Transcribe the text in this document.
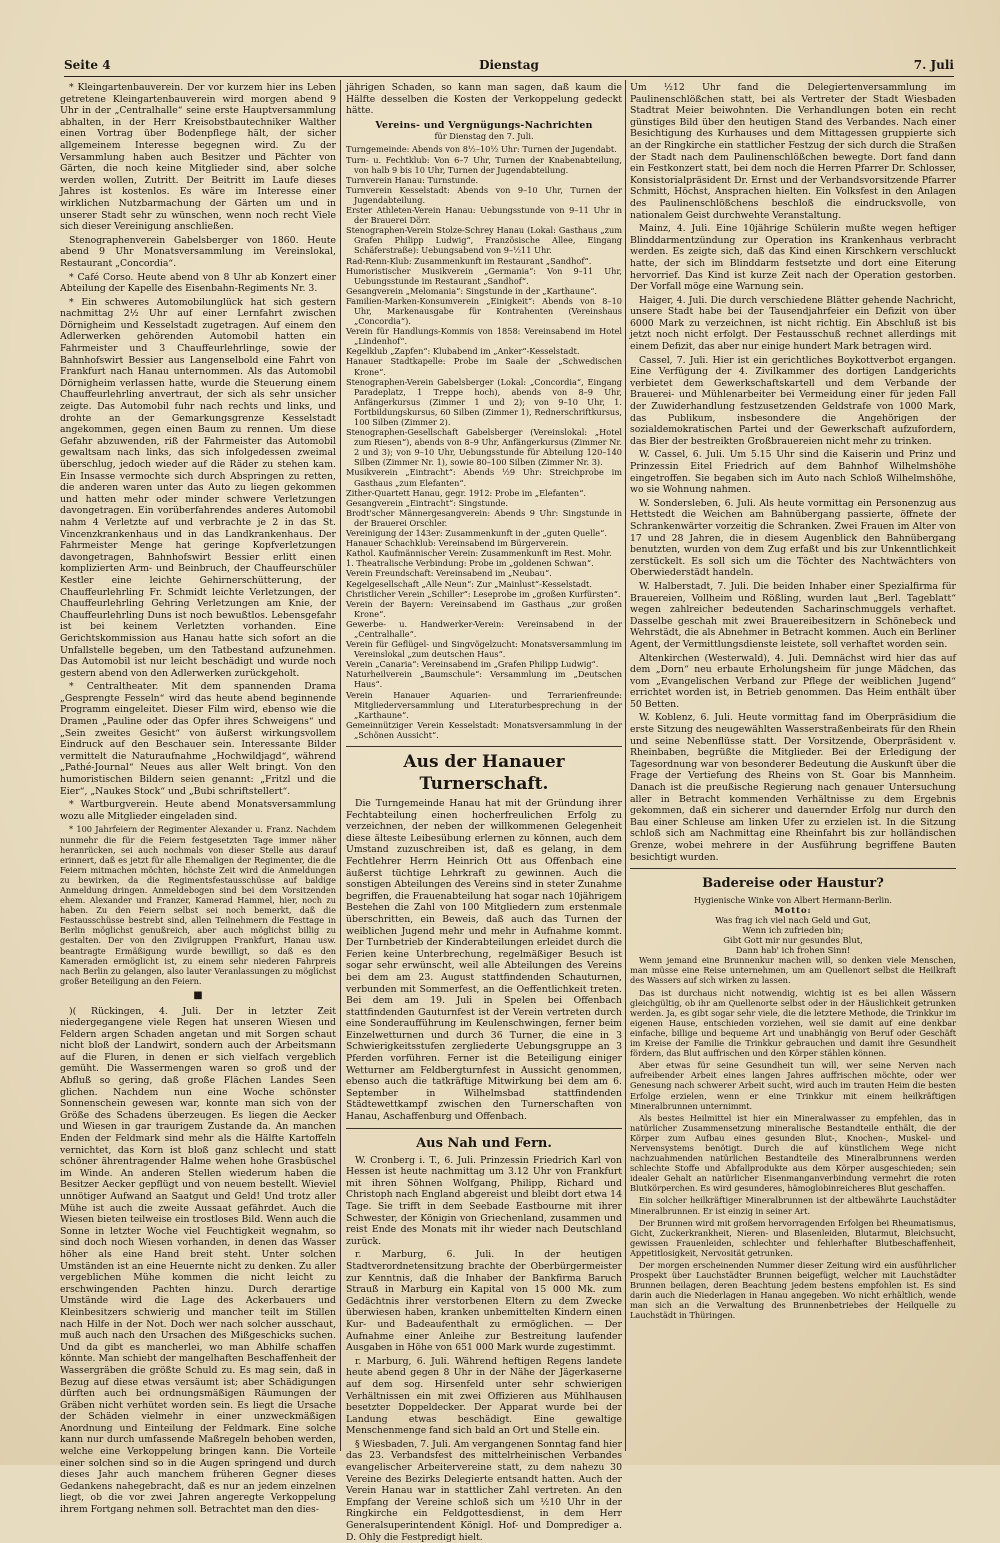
Seite 4	Dienstag	7. Juli

* Kleingartenbauverein. Der vor kurzem hier ins Leben getretene Kleingartenbauverein wird morgen abend 9 Uhr in der „Centralhalle“ seine erste Hauptversammlung abhalten, in der Herr Kreisobstbautechniker Walther einen Vortrag über Bodenpflege hält, der sicher allgemeinem Interesse begegnen wird. Zu der Versammlung haben auch Besitzer und Pächter von Gärten, die noch keine Mitglieder sind, aber solche werden wollen, Zutritt. Der Beitritt im Laufe dieses Jahres ist kostenlos. Es wäre im Interesse einer wirklichen Nutzbarmachung der Gärten um und in unserer Stadt sehr zu wünschen, wenn noch recht Viele sich dieser Vereinigung anschließen.

Stenographenverein Gabelsberger von 1860. Heute abend 9 Uhr Monatsversammlung im Vereinslokal, Restaurant „Concordia“.

* Café Corso. Heute abend von 8 Uhr ab Konzert einer Abteilung der Kapelle des Eisenbahn-Regiments Nr. 3.

* Ein schweres Automobilunglück hat sich gestern nachmittag 2½ Uhr auf einer Lernfahrt zwischen Dörnigheim und Kesselstadt zugetragen. Auf einem den Adlerwerken gehörenden Automobil hatten ein Fahrmeister und 3 Chauffeurlehrlinge, sowie der Bahnhofswirt Bessier aus Langenselbold eine Fahrt von Frankfurt nach Hanau unternommen. Als das Automobil Dörnigheim verlassen hatte, wurde die Steuerung einem Chauffeurlehrling anvertraut, der sich als sehr unsicher zeigte. Das Automobil fuhr nach rechts und links, und drohte an der Gemarkungsgrenze Kesselstadt angekommen, gegen einen Baum zu rennen. Um diese Gefahr abzuwenden, riß der Fahrmeister das Automobil gewaltsam nach links, das sich infolgedessen zweimal überschlug, jedoch wieder auf die Räder zu stehen kam. Ein Insasse vermochte sich durch Abspringen zu retten, die anderen waren unter das Auto zu liegen gekommen und hatten mehr oder minder schwere Verletzungen davongetragen. Ein vorüberfahrendes anderes Automobil nahm 4 Verletzte auf und verbrachte je 2 in das St. Vincenzkrankenhaus und in das Landkrankenhaus. Der Fahrmeister Menge hat geringe Kopfverletzungen davongetragen, Bahnhofswirt Bessier erlitt einen komplizierten Arm- und Beinbruch, der Chauffeurschüler Kestler eine leichte Gehirnerschütterung, der Chauffeurlehrling Fr. Schmidt leichte Verletzungen, der Chauffeurlehrling Gehring Verletzungen am Knie, der Chauffeurlehrling Duns ist noch bewußtlos. Lebensgefahr ist bei keinem Verletzten vorhanden. Eine Gerichtskommission aus Hanau hatte sich sofort an die Unfallstelle begeben, um den Tatbestand aufzunehmen. Das Automobil ist nur leicht beschädigt und wurde noch gestern abend von den Adlerwerken zurückgeholt.

* Centraltheater. Mit dem spannenden Drama „Gesprengte Fesseln“ wird das heute abend beginnende Programm eingeleitet. Dieser Film wird, ebenso wie die Dramen „Pauline oder das Opfer ihres Schweigens“ und „Sein zweites Gesicht“ von äußerst wirkungsvollem Eindruck auf den Beschauer sein. Interessante Bilder vermittelt die Naturaufnahme „Hochwildjagd“, während „Pathé-Journal“ Neues aus aller Welt bringt. Von den humoristischen Bildern seien genannt: „Fritzl und die Eier“, „Naukes Stock“ und „Bubi schriftstellert“.

* Wartburgverein. Heute abend Monatsversammlung wozu alle Mitglieder eingeladen sind.

* 100 Jahrfeiern der Regimenter Alexander u. Franz. Nachdem nunmehr die für die Feiern festgesetzten Tage immer näher heranrücken, sei auch nochmals von dieser Stelle aus darauf erinnert, daß es jetzt für alle Ehemaligen der Regimenter, die die Feiern mitmachen möchten, höchste Zeit wird die Anmeldungen zu bewirken, da die Regimentsfestausschüsse auf baldige Anmeldung dringen. Anmeldebogen sind bei dem Vorsitzenden ehem. Alexander und Franzer, Kamerad Hammel, hier, noch zu haben. Zu den Feiern selbst sei noch bemerkt, daß die Festausschüsse bestrebt sind, allen Teilnehmern die Festtage in Berlin möglichst genußreich, aber auch möglichst billig zu gestalten. Der von den Zivilgruppen Frankfurt, Hanau usw. beantragte Ermäßigung wurde bewilligt, so daß es den Kameraden ermöglicht ist, zu einem sehr niederen Fahrpreis nach Berlin zu gelangen, also lauter Veranlassungen zu möglichst großer Beteiligung an den Feiern.

■

)( Rückingen, 4. Juli. Der in letzter Zeit niedergegangene viele Regen hat unseren Wiesen und Feldern argen Schaden angetan und mit Sorgen schaut nicht bloß der Landwirt, sondern auch der Arbeitsmann auf die Fluren, in denen er sich vielfach vergeblich gemüht. Die Wassermengen waren so groß und der Abfluß so gering, daß große Flächen Landes Seen glichen. Nachdem nun eine Woche schönster Sonnenschein gewesen war, konnte man sich von der Größe des Schadens überzeugen. Es liegen die Aecker und Wiesen in gar traurigem Zustande da. An manchen Enden der Feldmark sind mehr als die Hälfte Kartoffeln vernichtet, das Korn ist bloß ganz schlecht und statt schöner ährentragender Halme wehen hohe Grasbüschel im Winde. An anderen Stellen wiederum haben die Besitzer Aecker gepflügt und von neuem bestellt. Wieviel unnötiger Aufwand an Saatgut und Geld! Und trotz aller Mühe ist auch die zweite Aussaat gefährdet. Auch die Wiesen bieten teilweise ein trostloses Bild. Wenn auch die Sonne in letzter Woche viel Feuchtigkeit wegnahm, so sind doch noch Wiesen vorhanden, in denen das Wasser höher als eine Hand breit steht. Unter solchen Umständen ist an eine Heuernte nicht zu denken. Zu aller vergeblichen Mühe kommen die nicht leicht zu erschwingenden Pachten hinzu. Durch derartige Umstände wird die Lage des Ackerbauers und Kleinbesitzers schwierig und mancher teilt im Stillen nach Hilfe in der Not. Doch wer nach solcher ausschaut, muß auch nach den Ursachen des Mißgeschicks suchen. Und da gibt es mancherlei, wo man Abhilfe schaffen könnte. Man schiebt der mangelhaften Beschaffenheit der Wassergräben die größte Schuld zu. Es mag sein, daß in Bezug auf diese etwas versäumt ist; aber Schädigungen dürften auch bei ordnungsmäßigen Räumungen der Gräben nicht verhütet worden sein. Es liegt die Ursache der Schäden vielmehr in einer unzweckmäßigen Anordnung und Einteilung der Feldmark. Eine solche kann nur durch umfassende Maßregeln behoben werden, welche eine Verkoppelung bringen kann. Die Vorteile einer solchen sind so in die Augen springend und durch dieses Jahr auch manchem früheren Gegner dieses Gedankens nahegebracht, daß es nur an jedem einzelnen liegt, ob die vor zwei Jahren angeregte Verkoppelung ihrem Fortgang nehmen soll. Betrachtet man den dies-

jährigen Schaden, so kann man sagen, daß kaum die Hälfte desselben die Kosten der Verkoppelung gedeckt hätte.

Vereins- und Vergnügungs-Nachrichten
für Dienstag den 7. Juli.

Turngemeinde: Abends von 8½–10½ Uhr: Turnen der Jugendabt.

Turn- u. Fechtklub: Von 6–7 Uhr, Turnen der Knabenabteilung, von halb 9 bis 10 Uhr, Turnen der Jugendabteilung.

Turnverein Hanau: Turnstunde.

Turnverein Kesselstadt: Abends von 9–10 Uhr, Turnen der Jugendabteilung.

Erster Athleten-Verein Hanau: Uebungsstunde von 9–11 Uhr in der Brauerei Dörr.

Stenographen-Verein Stolze-Schrey Hanau (Lokal: Gasthaus „zum Grafen Philipp Ludwig“, Französische Allee, Eingang Schäferstraße): Uebungsabend von 9–½11 Uhr.

Rad-Renn-Klub: Zusammenkunft im Restaurant „Sandhof“.

Humoristischer Musikverein „Germania“: Von 9–11 Uhr, Uebungsstunde im Restaurant „Sandhof“.

Gesangverein „Melomania“: Singstunde in der „Karthaune“.

Familien-Marken-Konsumverein „Einigkeit“: Abends von 8–10 Uhr, Markenausgabe für Kontrahenten (Vereinshaus „Concordia“).

Verein für Handlungs-Kommis von 1858: Vereinsabend im Hotel „Lindenhof“.

Kegelklub „Zapfen“: Klubabend im „Anker“-Kesselstadt.

Hanauer Stadtkapelle: Probe im Saale der „Schwedischen Krone“.

Stenographen-Verein Gabelsberger (Lokal: „Concordia“, Eingang Paradeplatz, 1 Treppe hoch), abends von 8–9 Uhr, Anfängerkursus (Zimmer 1 und 2); von 9–10 Uhr, 1. Fortbildungskursus, 60 Silben (Zimmer 1), Rednerschriftkursus, 100 Silben (Zimmer 2).

Stenographen-Gesellschaft Gabelsberger (Vereinslokal: „Hotel zum Riesen“), abends von 8–9 Uhr, Anfängerkursus (Zimmer Nr. 2 und 3); von 9–10 Uhr, Uebungsstunde für Abteilung 120–140 Silben (Zimmer Nr. 1), sowie 80–100 Silben (Zimmer Nr. 3).

Musikverein „Eintracht“: Abends ½9 Uhr: Streichprobe im Gasthaus „zum Elefanten“.

Zither-Quartett Hanau, gegr. 1912: Probe im „Elefanten“.

Gesangverein „Eintracht“: Singstunde.

Brodt'scher Männergesangverein: Abends 9 Uhr: Singstunde in der Brauerei Orschler.

Vereinigung der 143er: Zusammenkunft in der „guten Quelle“.

Hanauer Schachklub: Vereinsabend im Bürgerverein.

Kathol. Kaufmännischer Verein: Zusammenkunft im Rest. Mohr.

1. Theatralische Verbindung: Probe im „goldenen Schwan“.

Verein Freundschaft: Vereinsabend im „Neubau“.

Kegelgesellschaft „Alle Neun“: Zur „Mainlust“-Kesselstadt.

Christlicher Verein „Schiller“: Leseprobe im „großen Kurfürsten“.

Verein der Bayern: Vereinsabend im Gasthaus „zur großen Krone“.

Gewerbe- u. Handwerker-Verein: Vereinsabend in der „Centralhalle“.

Verein für Geflügel- und Singvögelzucht: Monatsversammlung im Vereinslokal „zum deutschen Haus“.

Verein „Canaria“: Vereinsabend im „Grafen Philipp Ludwig“.

Naturheilverein „Baumschule“: Versammlung im „Deutschen Haus“.

Verein Hanauer Aquarien- und Terrarienfreunde: Mitgliederversammlung und Literaturbesprechung in der „Karthaune“.

Gemeinnütziger Verein Kesselstadt: Monatsversammlung in der „Schönen Aussicht“.

Aus der Hanauer Turnerschaft.

Die Turngemeinde Hanau hat mit der Gründung ihrer Fechtabteilung einen hocherfreulichen Erfolg zu verzeichnen, der neben der willkommenen Gelegenheit diese älteste Leibesübung erlernen zu können, auch dem Umstand zuzuschreiben ist, daß es gelang, in dem Fechtlehrer Herrn Heinrich Ott aus Offenbach eine äußerst tüchtige Lehrkraft zu gewinnen. Auch die sonstigen Abteilungen des Vereins sind in steter Zunahme begriffen, die Frauenabteilung hat sogar nach 10jährigem Bestehen die Zahl von 100 Mitgliedern zum erstenmale überschritten, ein Beweis, daß auch das Turnen der weiblichen Jugend mehr und mehr in Aufnahme kommt. Der Turnbetrieb der Kinderabteilungen erleidet durch die Ferien keine Unterbrechung, regelmäßiger Besuch ist sogar sehr erwünscht, weil alle Abteilungen des Vereins bei dem am 23. August stattfindenden Schauturnen, verbunden mit Sommerfest, an die Oeffentlichkeit treten. Bei dem am 19. Juli in Spelen bei Offenbach stattfindenden Gauturnfest ist der Verein vertreten durch eine Sonderaufführung im Keulenschwingen, ferner beim Einzelwetturnen und durch 36 Turner, die eine in 3 Schwierigkeitsstufen zergliederte Uebungsgruppe an 3 Pferden vorführen. Ferner ist die Beteiligung einiger Wetturner am Feldbergturnfest in Aussicht genommen, ebenso auch die tatkräftige Mitwirkung bei dem am 6. September in Wilhelmsbad stattfindenden Städtewettkampf zwischen den Turnerschaften von Hanau, Aschaffenburg und Offenbach.

Aus Nah und Fern.

W. Cronberg i. T., 6. Juli. Prinzessin Friedrich Karl von Hessen ist heute nachmittag um 3.12 Uhr von Frankfurt mit ihren Söhnen Wolfgang, Philipp, Richard und Christoph nach England abgereist und bleibt dort etwa 14 Tage. Sie trifft in dem Seebade Eastbourne mit ihrer Schwester, der Königin von Griechenland, zusammen und reist Ende des Monats mit ihr wieder nach Deutschland zurück.

r. Marburg, 6. Juli. In der heutigen Stadtverordnetensitzung brachte der Oberbürgermeister zur Kenntnis, daß die Inhaber der Bankfirma Baruch Strauß in Marburg ein Kapital von 15 000 Mk. zum Gedächtnis ihrer verstorbenen Eltern zu dem Zwecke überwiesen haben, kranken unbemittelten Kindern einen Kur- und Badeaufenthalt zu ermöglichen. — Der Aufnahme einer Anleihe zur Bestreitung laufender Ausgaben in Höhe von 651 000 Mark wurde zugestimmt.

r. Marburg, 6. Juli. Während heftigen Regens landete heute abend gegen 8 Uhr in der Nähe der Jägerkaserne auf dem sog. Hirsenfeld unter sehr schwierigen Verhältnissen ein mit zwei Offizieren aus Mühlhausen besetzter Doppeldecker. Der Apparat wurde bei der Landung etwas beschädigt. Eine gewaltige Menschenmenge fand sich bald an Ort und Stelle ein.

§ Wiesbaden, 7. Juli. Am vergangenen Sonntag fand hier das 23. Verbandsfest des mittelrheinischen Verbandes evangelischer Arbeitervereine statt, zu dem nahezu 30 Vereine des Bezirks Delegierte entsandt hatten. Auch der Verein Hanau war in stattlicher Zahl vertreten. An den Empfang der Vereine schloß sich um ½10 Uhr in der Ringkirche ein Feldgottesdienst, in dem Herr Generalsuperintendent Königl. Hof- und Domprediger a. D. Ohly die Festpredigt hielt.

Um ½12 Uhr fand die Delegiertenversammlung im Paulinenschlößchen statt, bei als Vertreter der Stadt Wiesbaden Stadtrat Meier beiwohnten. Die Verhandlungen boten ein recht günstiges Bild über den heutigen Stand des Verbandes. Nach einer Besichtigung des Kurhauses und dem Mittagessen gruppierte sich an der Ringkirche ein stattlicher Festzug der sich durch die Straßen der Stadt nach dem Paulinenschlößchen bewegte. Dort fand dann ein Festkonzert statt, bei dem noch die Herren Pfarrer Dr. Schlosser, Konsistorialpräsident Dr. Ernst und der Verbandsvorsitzende Pfarrer Schmitt, Höchst, Ansprachen hielten. Ein Volksfest in den Anlagen des Paulinenschlößchens beschloß die eindrucksvolle, von nationalem Geist durchwehte Veranstaltung.

Mainz, 4. Juli. Eine 10jährige Schülerin mußte wegen heftiger Blinddarmentzündung zur Operation ins Krankenhaus verbracht werden. Es zeigte sich, daß das Kind einen Kirschkern verschluckt hatte, der sich im Blinddarm festsetzte und dort eine Eiterung hervorrief. Das Kind ist kurze Zeit nach der Operation gestorben. Der Vorfall möge eine Warnung sein.

Haiger, 4. Juli. Die durch verschiedene Blätter gehende Nachricht, unsere Stadt habe bei der Tausendjahrfeier ein Defizit von über 6000 Mark zu verzeichnen, ist nicht richtig. Ein Abschluß ist bis jetzt noch nicht erfolgt. Der Festausschuß rechnet allerdings mit einem Defizit, das aber nur einige hundert Mark betragen wird.

Cassel, 7. Juli. Hier ist ein gerichtliches Boykottverbot ergangen. Eine Verfügung der 4. Zivilkammer des dortigen Landgerichts verbietet dem Gewerkschaftskartell und dem Verbande der Brauerei- und Mühlenarbeiter bei Vermeidung einer für jeden Fall der Zuwiderhandlung festzusetzenden Geldstrafe von 1000 Mark, das Publikum, insbesondere die Angehörigen der sozialdemokratischen Partei und der Gewerkschaft aufzufordern, das Bier der bestreikten Großbrauereien nicht mehr zu trinken.

W. Cassel, 6. Juli. Um 5.15 Uhr sind die Kaiserin und Prinz und Prinzessin Eitel Friedrich auf dem Bahnhof Wilhelmshöhe eingetroffen. Sie begaben sich im Auto nach Schloß Wilhelmshöhe, wo sie Wohnung nahmen.

W. Sondersleben, 6. Juli. Als heute vormittag ein Personenzug aus Hettstedt die Weichen am Bahnübergang passierte, öffnete der Schrankenwärter vorzeitig die Schranken. Zwei Frauen im Alter von 17 und 28 Jahren, die in diesem Augenblick den Bahnübergang benutzten, wurden von dem Zug erfaßt und bis zur Unkenntlichkeit zerstückelt. Es soll sich um die Töchter des Nachtwächters von Oberwiederstädt handeln.

W. Halberstadt, 7. Juli. Die beiden Inhaber einer Spezialfirma für Brauereien, Vollheim und Rößling, wurden laut „Berl. Tageblatt“ wegen zahlreicher bedeutenden Sacharinschmuggels verhaftet. Dasselbe geschah mit zwei Brauereibesitzern in Schönebeck und Wehrstädt, die als Abnehmer in Betracht kommen. Auch ein Berliner Agent, der Vermittlungsdienste leistete, soll verhaftet worden sein.

Altenkirchen (Westerwald), 4. Juli. Demnächst wird hier das auf dem „Dorn“ neu erbaute Erholungsheim für junge Mädchen, das vom „Evangelischen Verband zur Pflege der weiblichen Jugend“ errichtet worden ist, in Betrieb genommen. Das Heim enthält über 50 Betten.

W. Koblenz, 6. Juli. Heute vormittag fand im Oberpräsidium die erste Sitzung des neugewählten Wasserstraßenbeirats für den Rhein und seine Nebenflüsse statt. Der Vorsitzende, Oberpräsident v. Rheinbaben, begrüßte die Mitglieder. Bei der Erledigung der Tagesordnung war von besonderer Bedeutung die Auskunft über die Frage der Vertiefung des Rheins von St. Goar bis Mannheim. Danach ist die preußische Regierung nach genauer Untersuchung aller in Betracht kommenden Verhältnisse zu dem Ergebnis gekommen, daß ein sicherer und dauernder Erfolg nur durch den Bau einer Schleuse am linken Ufer zu erzielen ist. In die Sitzung schloß sich am Nachmittag eine Rheinfahrt bis zur holländischen Grenze, wobei mehrere in der Ausführung begriffene Bauten besichtigt wurden.

Badereise oder Haustur?
Hygienische Winke von Albert Hermann-Berlin.
Motto:
Was frag ich viel nach Geld und Gut,
Wenn ich zufrieden bin;
Gibt Gott mir nur gesundes Blut,
Dann hab' ich frohen Sinn!

Wenn jemand eine Brunnenkur machen will, so denken viele Menschen, man müsse eine Reise unternehmen, um am Quellenort selbst die Heilkraft des Wassers auf sich wirken zu lassen.

Das ist durchaus nicht notwendig, wichtig ist es bei allen Wässern gleichgültig, ob ihr am Quellenorte selbst oder in der Häuslichkeit getrunken werden. Ja, es gibt sogar sehr viele, die die letztere Methode, die Trinkkur im eigenen Hause, entschieden vorziehen, weil sie damit auf eine denkbar einfache, billige und bequeme Art und unabhängig von Beruf oder Geschäft im Kreise der Familie die Trinkkur gebrauchen und damit ihre Gesundheit fördern, das Blut auffrischen und den Körper stählen können.

Aber etwas für seine Gesundheit tun will, wer seine Nerven nach aufreibender Arbeit eines langen Jahres auffrischen möchte, oder wer Genesung nach schwerer Arbeit sucht, wird auch im trauten Heim die besten Erfolge erzielen, wenn er eine Trinkkur mit einem heilkräftigen Mineralbrunnen unternimmt.

Als bestes Heilmittel ist hier ein Mineralwasser zu empfehlen, das in natürlicher Zusammensetzung mineralische Bestandteile enthält, die der Körper zum Aufbau eines gesunden Blut-, Knochen-, Muskel- und Nervensystems benötigt. Durch die auf künstlichem Wege nicht nachzuahmenden natürlichen Bestandteile des Mineralbrunnens werden schlechte Stoffe und Abfallprodukte aus dem Körper ausgeschieden; sein idealer Gehalt an natürlicher Eisenmanganverbindung vermehrt die roten Blutkörperchen. Es wird gesunderes, hämoglobinreicheres Blut geschaffen.

Ein solcher heilkräftiger Mineralbrunnen ist der altbewährte Lauchstädter Mineralbrunnen. Er ist einzig in seiner Art.

Der Brunnen wird mit großem hervorragenden Erfolgen bei Rheumatismus, Gicht, Zuckerkrankheit, Nieren- und Blasenleiden, Blutarmut, Bleichsucht, gewissen Frauenleiden, schlechter und fehlerhafter Blutbeschaffenheit, Appetitlosigkeit, Nervosität getrunken.

Der morgen erscheinenden Nummer dieser Zeitung wird ein ausführlicher Prospekt über Lauchstädter Brunnen beigefügt, welcher mit Lauchstädter Brunnen beilagen, deren Beachtung jedem bestens empfohlen ist. Es sind darin auch die Niederlagen in Hanau angegeben. Wo nicht erhältlich, wende man sich an die Verwaltung des Brunnenbetriebes der Heilquelle zu Lauchstädt in Thüringen.
